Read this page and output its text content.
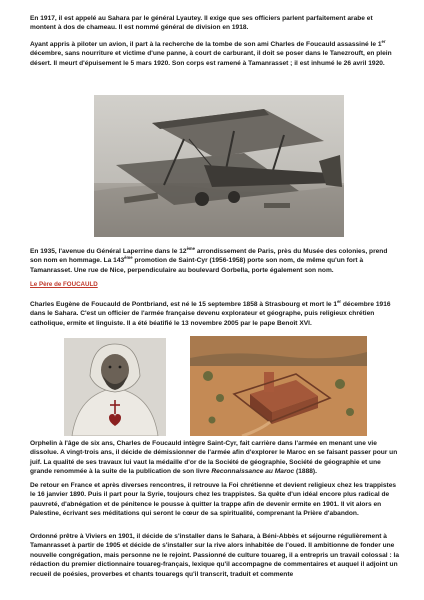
En 1917, il est appelé au Sahara par le général Lyautey. Il exige que ses officiers parlent parfaitement arabe et montent à dos de chameau. Il est nommé général de division en 1918.

Ayant appris à piloter un avion, il part à la recherche de la tombe de son ami Charles de Foucauld assassiné le 1er décembre, sans nourriture et victime d'une panne, à court de carburant, il doit se poser dans le Tanezrouft, en plein désert. Il meurt d'épuisement le 5 mars 1920. Son corps est ramené à Tamanrasset ; il est inhumé le 26 avril 1920.

En 1935, l'avenue du Général Laperrine dans le 12ème arrondissement de Paris, près du Musée des colonies, prend son nom en hommage. La 143ème promotion de Saint-Cyr (1956-1958) porte son nom, de même qu'un fort à Tamanrasset. Une rue de Nice, perpendiculaire au boulevard Gorbella, porte également son nom.

Le Père de FOUCAULD

Charles Eugène de Foucauld de Pontbriand, est né le 15 septembre 1858 à Strasbourg et mort le 1er décembre 1916 dans le Sahara. C'est un officier de l'armée française devenu explorateur et géographe, puis religieux chrétien catholique, ermite et linguiste. Il a été béatifié le 13 novembre 2005 par le pape Benoît XVI.

Orphelin à l'âge de six ans, Charles de Foucauld intègre Saint-Cyr, fait carrière dans l'armée en menant une vie dissolue. A vingt-trois ans, il décide de démissionner de l'armée afin d'explorer le Maroc en se faisant passer pour un juif. La qualité de ses travaux lui vaut la médaille d'or de la Société de géographie, Société de géographie et une grande renommée à la suite de la publication de son livre Reconnaissance au Maroc (1888).

De retour en France et après diverses rencontres, il retrouve la Foi chrétienne et devient religieux chez les trappistes le 16 janvier 1890. Puis il part pour la Syrie, toujours chez les trappistes. Sa quête d'un idéal encore plus radical de pauvreté, d'abnégation et de pénitence le pousse à quitter la trappe afin de devenir ermite en 1901. Il vit alors en Palestine, écrivant ses méditations qui seront le cœur de sa spiritualité, comprenant la Prière d'abandon.

Ordonné prêtre à Viviers en 1901, il décide de s'installer dans le Sahara, à Béni-Abbès et séjourne régulièrement à Tamanrasset à partir de 1905 et décide de s'installer sur la rive alors inhabitée de l'oued. Il ambitionne de fonder une nouvelle congrégation, mais personne ne le rejoint. Passionné de culture touareg, il a entrepris un travail colossal : la rédaction du premier dictionnaire touareg-français, lexique qu'il accompagne de commentaires et auquel il adjoint un recueil de poésies, proverbes et chants touaregs qu'il transcrit, traduit et commente
